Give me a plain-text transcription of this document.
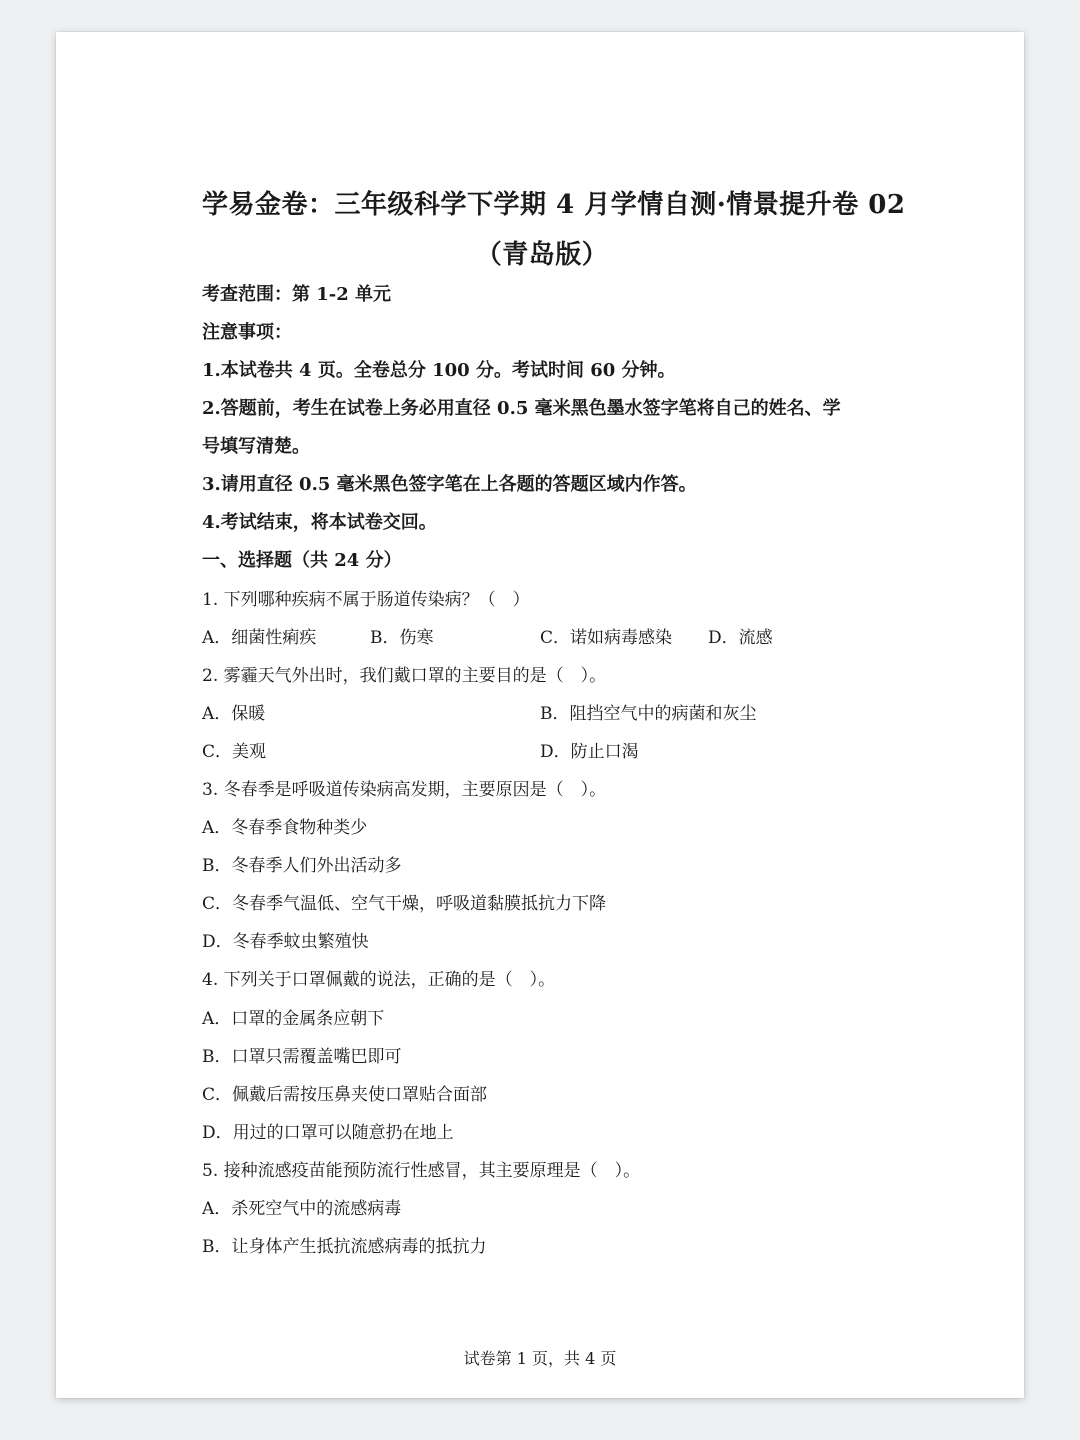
学易金卷：三年级科学下学期 4 月学情自测·情景提升卷 02
（青岛版）
考查范围：第 1-2 单元
注意事项：
1.本试卷共 4 页。全卷总分 100 分。考试时间 60 分钟。
2.答题前，考生在试卷上务必用直径 0.5 毫米黑色墨水签字笔将自己的姓名、学
号填写清楚。
3.请用直径 0.5 毫米黑色签字笔在上各题的答题区域内作答。
4.考试结束，将本试卷交回。
一、选择题（共 24 分）
1. 下列哪种疾病不属于肠道传染病？（　）
A．细菌性痢疾	B．伤寒	C．诺如病毒感染 D．流感
2. 雾霾天气外出时，我们戴口罩的主要目的是（　）。
A．保暖	B．阻挡空气中的病菌和灰尘
C．美观	D．防止口渴
3. 冬春季是呼吸道传染病高发期，主要原因是（　）。
A．冬春季食物种类少
B．冬春季人们外出活动多
C．冬春季气温低、空气干燥，呼吸道黏膜抵抗力下降
D．冬春季蚊虫繁殖快
4. 下列关于口罩佩戴的说法，正确的是（　）。
A．口罩的金属条应朝下
B．口罩只需覆盖嘴巴即可
C．佩戴后需按压鼻夹使口罩贴合面部
D．用过的口罩可以随意扔在地上
5. 接种流感疫苗能预防流行性感冒，其主要原理是（　）。
A．杀死空气中的流感病毒
B．让身体产生抵抗流感病毒的抵抗力
试卷第 1 页，共 4 页
